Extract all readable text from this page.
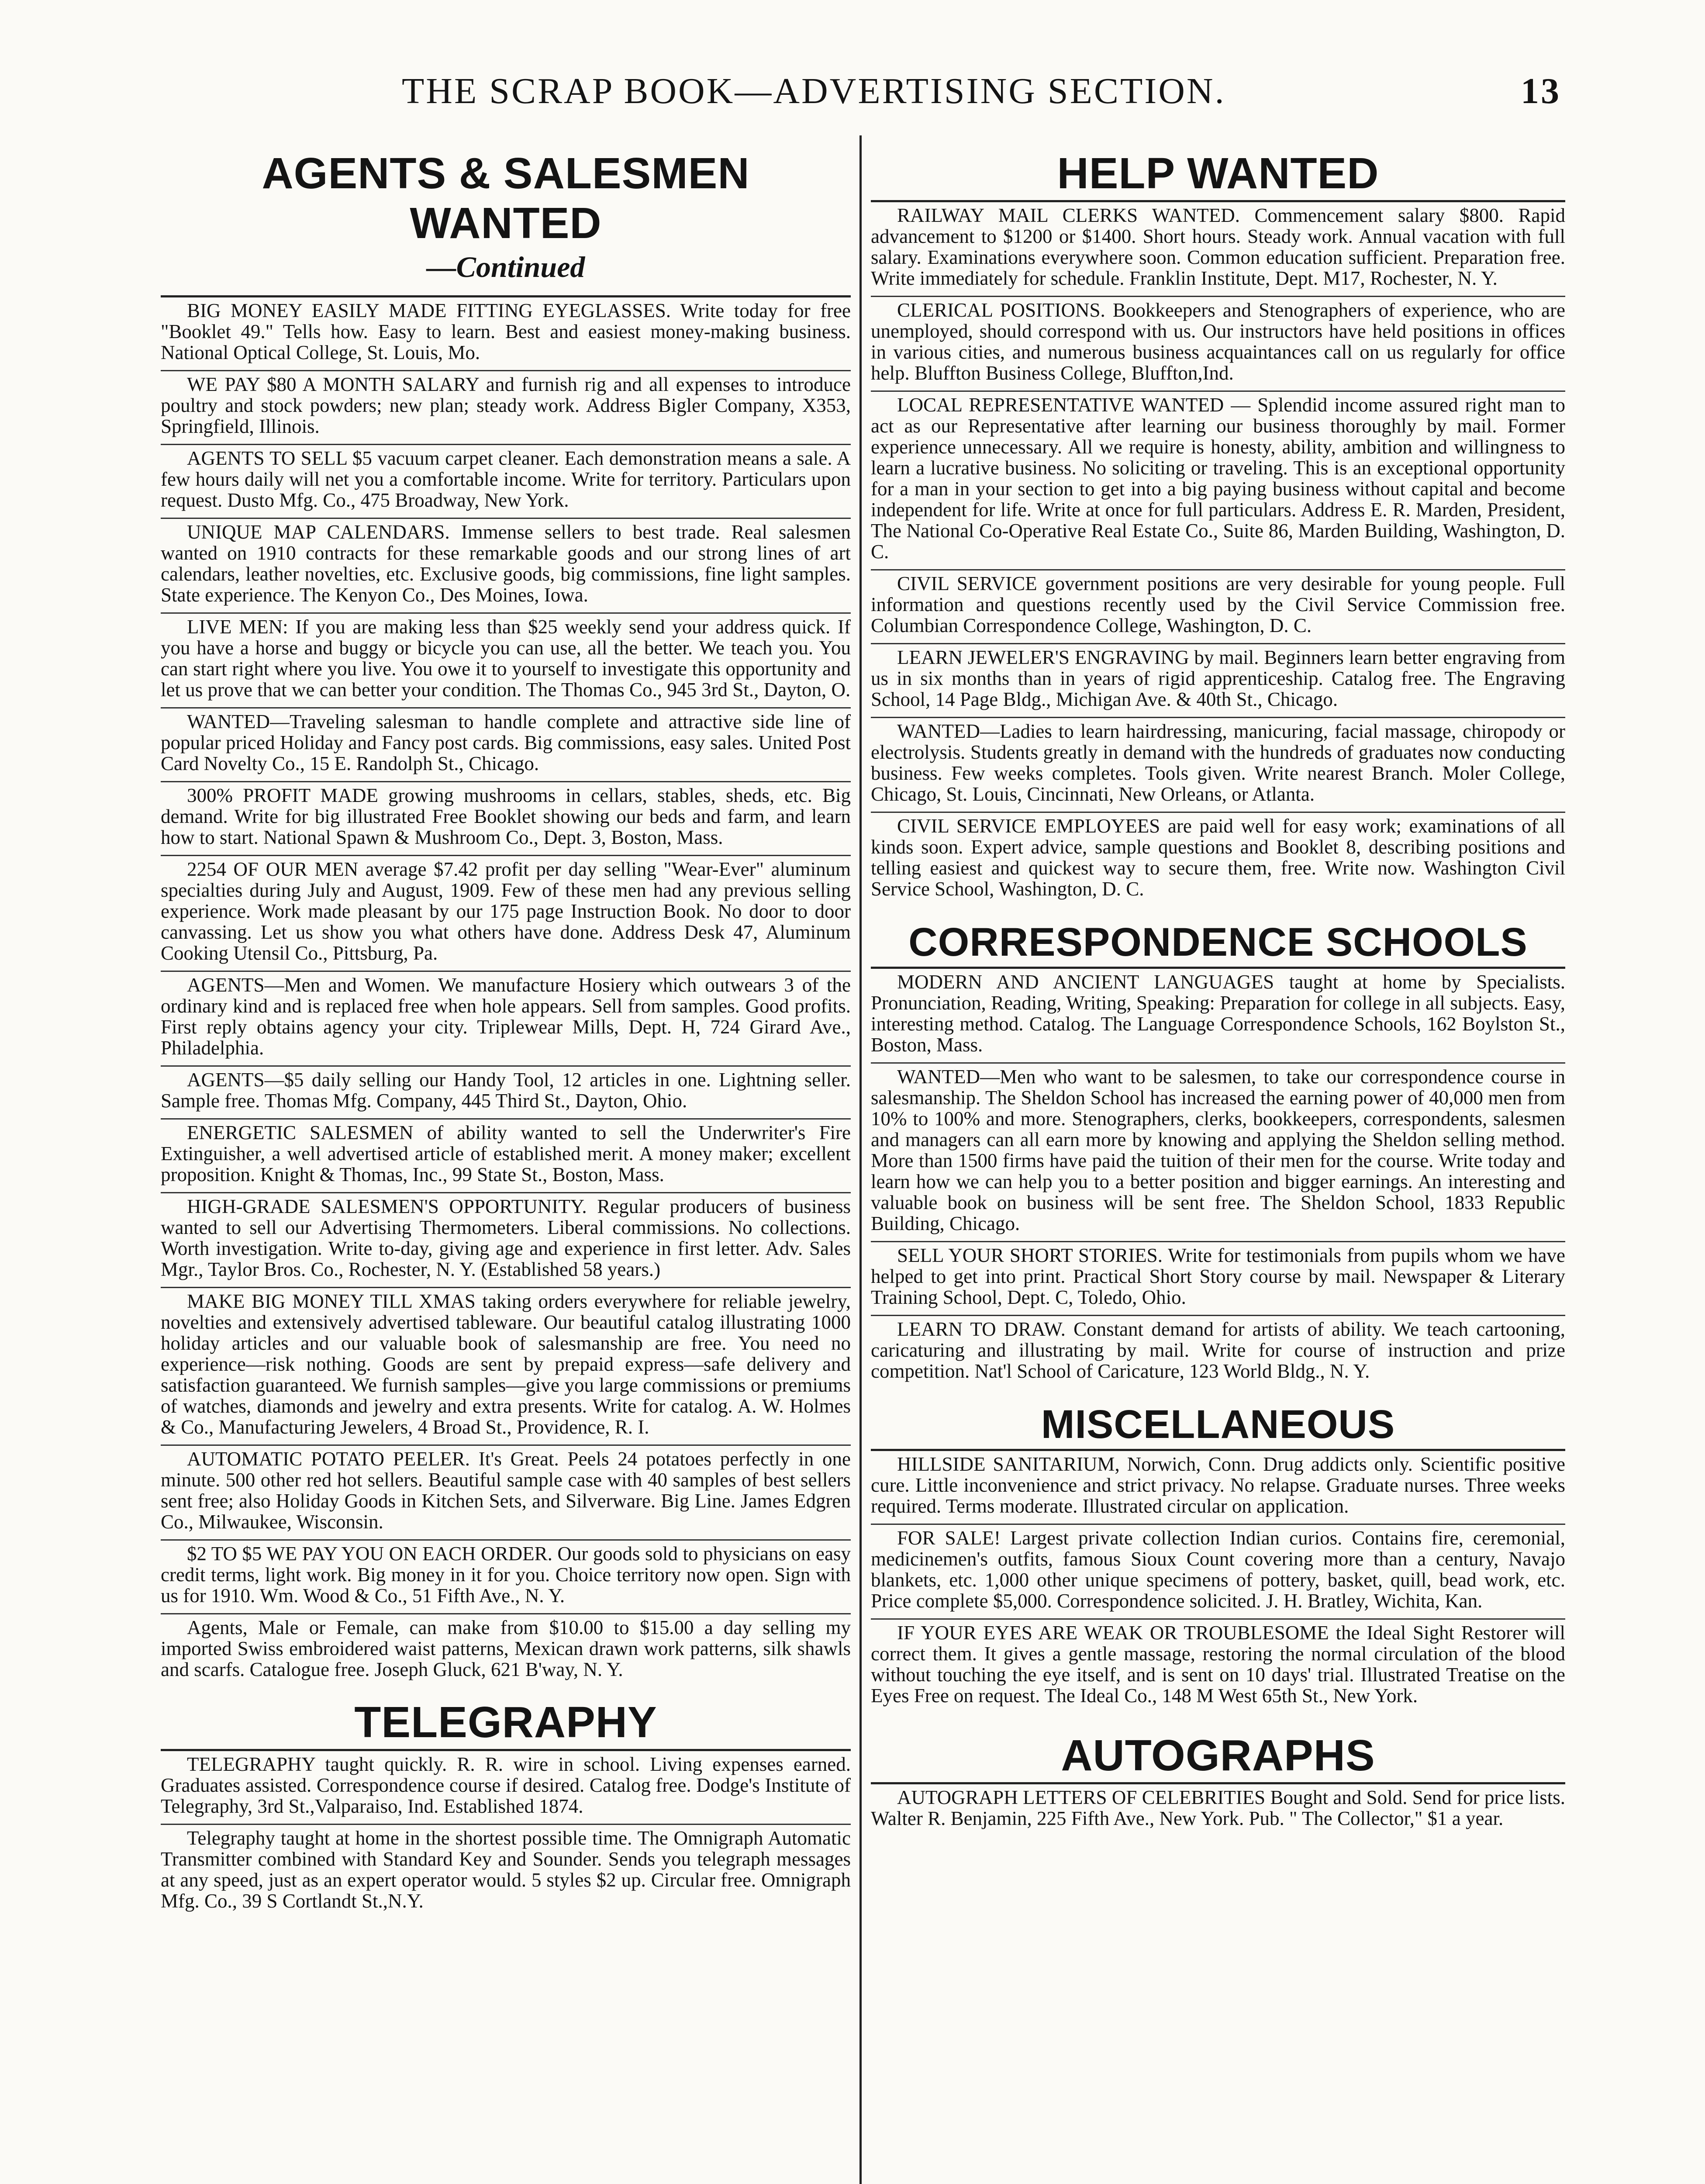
THE SCRAP BOOK—ADVERTISING SECTION.	13
AGENTS & SALESMEN WANTED
—Continued
BIG MONEY EASILY MADE FITTING EYEGLASSES. Write today for free "Booklet 49." Tells how. Easy to learn. Best and easiest money-making business. National Optical College, St. Louis, Mo.
WE PAY $80 A MONTH SALARY and furnish rig and all expenses to introduce poultry and stock powders; new plan; steady work. Address Bigler Company, X353, Springfield, Illinois.
AGENTS TO SELL $5 vacuum carpet cleaner. Each demonstration means a sale. A few hours daily will net you a comfortable income. Write for territory. Particulars upon request. Dusto Mfg. Co., 475 Broadway, New York.
UNIQUE MAP CALENDARS. Immense sellers to best trade. Real salesmen wanted on 1910 contracts for these remarkable goods and our strong lines of art calendars, leather novelties, etc. Exclusive goods, big commissions, fine light samples. State experience. The Kenyon Co., Des Moines, Iowa.
LIVE MEN: If you are making less than $25 weekly send your address quick. If you have a horse and buggy or bicycle you can use, all the better. We teach you. You can start right where you live. You owe it to yourself to investigate this opportunity and let us prove that we can better your condition. The Thomas Co., 945 3rd St., Dayton, O.
WANTED—Traveling salesman to handle complete and attractive side line of popular priced Holiday and Fancy post cards. Big commissions, easy sales. United Post Card Novelty Co., 15 E. Randolph St., Chicago.
300% PROFIT MADE growing mushrooms in cellars, stables, sheds, etc. Big demand. Write for big illustrated Free Booklet showing our beds and farm, and learn how to start. National Spawn & Mushroom Co., Dept. 3, Boston, Mass.
2254 OF OUR MEN average $7.42 profit per day selling "Wear-Ever" aluminum specialties during July and August, 1909. Few of these men had any previous selling experience. Work made pleasant by our 175 page Instruction Book. No door to door canvassing. Let us show you what others have done. Address Desk 47, Aluminum Cooking Utensil Co., Pittsburg, Pa.
AGENTS—Men and Women. We manufacture Hosiery which outwears 3 of the ordinary kind and is replaced free when hole appears. Sell from samples. Good profits. First reply obtains agency your city. Triplewear Mills, Dept. H, 724 Girard Ave., Philadelphia.
AGENTS—$5 daily selling our Handy Tool, 12 articles in one. Lightning seller. Sample free. Thomas Mfg. Company, 445 Third St., Dayton, Ohio.
ENERGETIC SALESMEN of ability wanted to sell the Underwriter's Fire Extinguisher, a well advertised article of established merit. A money maker; excellent proposition. Knight & Thomas, Inc., 99 State St., Boston, Mass.
HIGH-GRADE SALESMEN'S OPPORTUNITY. Regular producers of business wanted to sell our Advertising Thermometers. Liberal commissions. No collections. Worth investigation. Write to-day, giving age and experience in first letter. Adv. Sales Mgr., Taylor Bros. Co., Rochester, N. Y. (Established 58 years.)
MAKE BIG MONEY TILL XMAS taking orders everywhere for reliable jewelry, novelties and extensively advertised tableware. Our beautiful catalog illustrating 1000 holiday articles and our valuable book of salesmanship are free. You need no experience—risk nothing. Goods are sent by prepaid express—safe delivery and satisfaction guaranteed. We furnish samples—give you large commissions or premiums of watches, diamonds and jewelry and extra presents. Write for catalog. A. W. Holmes & Co., Manufacturing Jewelers, 4 Broad St., Providence, R. I.
AUTOMATIC POTATO PEELER. It's Great. Peels 24 potatoes perfectly in one minute. 500 other red hot sellers. Beautiful sample case with 40 samples of best sellers sent free; also Holiday Goods in Kitchen Sets, and Silverware. Big Line. James Edgren Co., Milwaukee, Wisconsin.
$2 TO $5 WE PAY YOU ON EACH ORDER. Our goods sold to physicians on easy credit terms, light work. Big money in it for you. Choice territory now open. Sign with us for 1910. Wm. Wood & Co., 51 Fifth Ave., N. Y.
Agents, Male or Female, can make from $10.00 to $15.00 a day selling my imported Swiss embroidered waist patterns, Mexican drawn work patterns, silk shawls and scarfs. Catalogue free. Joseph Gluck, 621 B'way, N. Y.
TELEGRAPHY
TELEGRAPHY taught quickly. R. R. wire in school. Living expenses earned. Graduates assisted. Correspondence course if desired. Catalog free. Dodge's Institute of Telegraphy, 3rd St.,Valparaiso, Ind. Established 1874.
Telegraphy taught at home in the shortest possible time. The Omnigraph Automatic Transmitter combined with Standard Key and Sounder. Sends you telegraph messages at any speed, just as an expert operator would. 5 styles $2 up. Circular free. Omnigraph Mfg. Co., 39 S Cortlandt St.,N.Y.
HELP WANTED
RAILWAY MAIL CLERKS WANTED. Commencement salary $800. Rapid advancement to $1200 or $1400. Short hours. Steady work. Annual vacation with full salary. Examinations everywhere soon. Common education sufficient. Preparation free. Write immediately for schedule. Franklin Institute, Dept. M17, Rochester, N. Y.
CLERICAL POSITIONS. Bookkeepers and Stenographers of experience, who are unemployed, should correspond with us. Our instructors have held positions in offices in various cities, and numerous business acquaintances call on us regularly for office help. Bluffton Business College, Bluffton,Ind.
LOCAL REPRESENTATIVE WANTED — Splendid income assured right man to act as our Representative after learning our business thoroughly by mail. Former experience unnecessary. All we require is honesty, ability, ambition and willingness to learn a lucrative business. No soliciting or traveling. This is an exceptional opportunity for a man in your section to get into a big paying business without capital and become independent for life. Write at once for full particulars. Address E. R. Marden, President, The National Co-Operative Real Estate Co., Suite 86, Marden Building, Washington, D. C.
CIVIL SERVICE government positions are very desirable for young people. Full information and questions recently used by the Civil Service Commission free. Columbian Correspondence College, Washington, D. C.
LEARN JEWELER'S ENGRAVING by mail. Beginners learn better engraving from us in six months than in years of rigid apprenticeship. Catalog free. The Engraving School, 14 Page Bldg., Michigan Ave. & 40th St., Chicago.
WANTED—Ladies to learn hairdressing, manicuring, facial massage, chiropody or electrolysis. Students greatly in demand with the hundreds of graduates now conducting business. Few weeks completes. Tools given. Write nearest Branch. Moler College, Chicago, St. Louis, Cincinnati, New Orleans, or Atlanta.
CIVIL SERVICE EMPLOYEES are paid well for easy work; examinations of all kinds soon. Expert advice, sample questions and Booklet 8, describing positions and telling easiest and quickest way to secure them, free. Write now. Washington Civil Service School, Washington, D. C.
CORRESPONDENCE SCHOOLS
MODERN AND ANCIENT LANGUAGES taught at home by Specialists. Pronunciation, Reading, Writing, Speaking: Preparation for college in all subjects. Easy, interesting method. Catalog. The Language Correspondence Schools, 162 Boylston St., Boston, Mass.
WANTED—Men who want to be salesmen, to take our correspondence course in salesmanship. The Sheldon School has increased the earning power of 40,000 men from 10% to 100% and more. Stenographers, clerks, bookkeepers, correspondents, salesmen and managers can all earn more by knowing and applying the Sheldon selling method. More than 1500 firms have paid the tuition of their men for the course. Write today and learn how we can help you to a better position and bigger earnings. An interesting and valuable book on business will be sent free. The Sheldon School, 1833 Republic Building, Chicago.
SELL YOUR SHORT STORIES. Write for testimonials from pupils whom we have helped to get into print. Practical Short Story course by mail. Newspaper & Literary Training School, Dept. C, Toledo, Ohio.
LEARN TO DRAW. Constant demand for artists of ability. We teach cartooning, caricaturing and illustrating by mail. Write for course of instruction and prize competition. Nat'l School of Caricature, 123 World Bldg., N. Y.
MISCELLANEOUS
HILLSIDE SANITARIUM, Norwich, Conn. Drug addicts only. Scientific positive cure. Little inconvenience and strict privacy. No relapse. Graduate nurses. Three weeks required. Terms moderate. Illustrated circular on application.
FOR SALE! Largest private collection Indian curios. Contains fire, ceremonial, medicinemen's outfits, famous Sioux Count covering more than a century, Navajo blankets, etc. 1,000 other unique specimens of pottery, basket, quill, bead work, etc. Price complete $5,000. Correspondence solicited. J. H. Bratley, Wichita, Kan.
IF YOUR EYES ARE WEAK OR TROUBLESOME the Ideal Sight Restorer will correct them. It gives a gentle massage, restoring the normal circulation of the blood without touching the eye itself, and is sent on 10 days' trial. Illustrated Treatise on the Eyes Free on request. The Ideal Co., 148 M West 65th St., New York.
AUTOGRAPHS
AUTOGRAPH LETTERS OF CELEBRITIES Bought and Sold. Send for price lists. Walter R. Benjamin, 225 Fifth Ave., New York. Pub. " The Collector," $1 a year.
